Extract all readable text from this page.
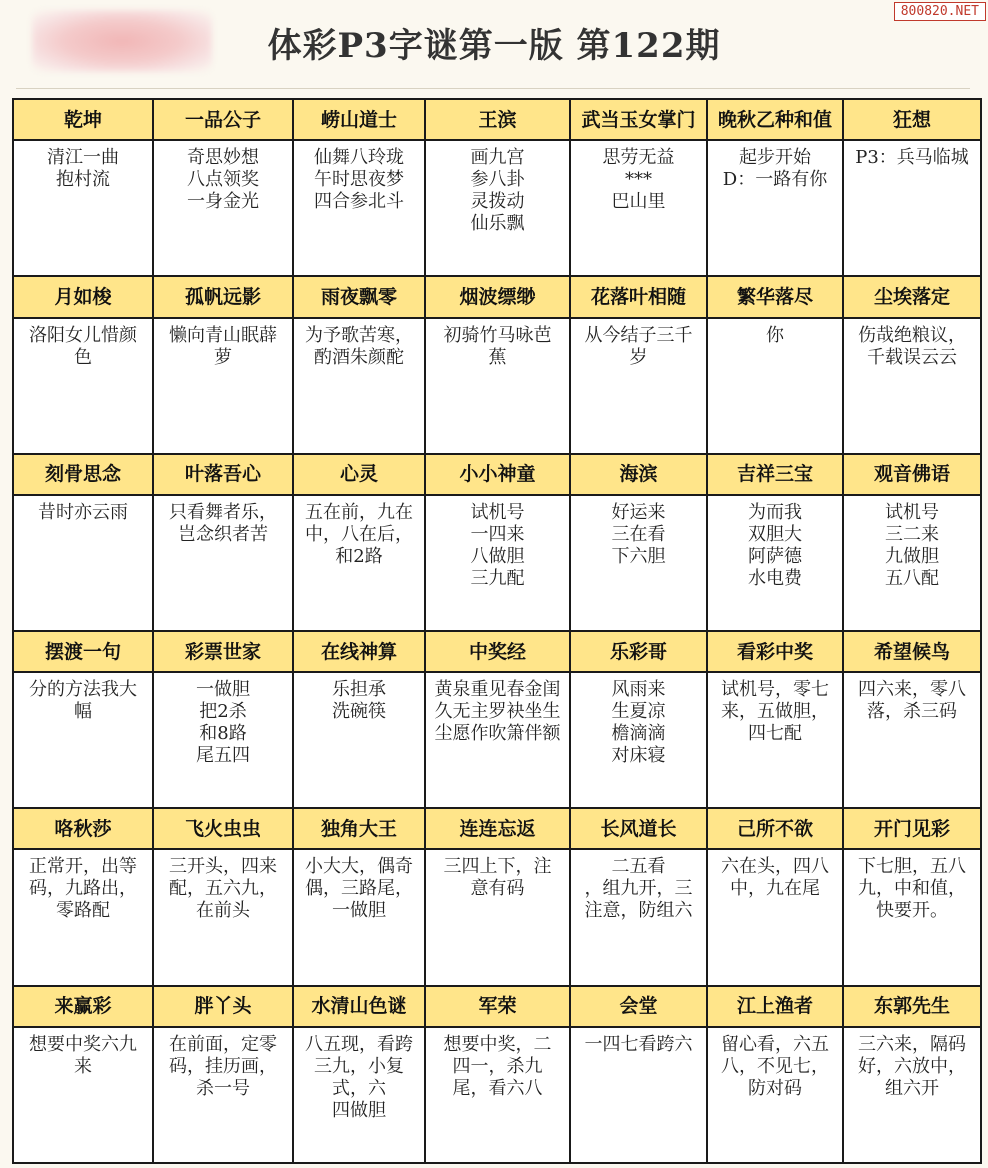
体彩P3字谜第一版 第122期
800820.NET
乾坤	一品公子	崂山道士	王滨	武当玉女掌门	晚秋乙种和值	狂想

清江一曲
抱村流	奇思妙想
八点领奖
一身金光	仙舞八玲珑
午时思夜梦
四合参北斗	画九宫
参八卦
灵拨动
仙乐飘	思劳无益
***
巴山里	起步开始
D：一路有你	P3：兵马临城

月如梭	孤帆远影	雨夜飘零	烟波缥缈	花落叶相随	繁华落尽	尘埃落定

洛阳女儿惜颜
色	懒向青山眠薜
萝	为予歌苦寒，
酌酒朱颜酡	初骑竹马咏芭
蕉	从今结子三千
岁	你	伤哉绝粮议，
千载误云云

刻骨思念	叶落吾心	心灵	小小神童	海滨	吉祥三宝	观音佛语

昔时亦云雨	只看舞者乐，
岂念织者苦	五在前，九在
中，八在后，
和2路	试机号
一四来
八做胆
三九配	好运来
三在看
下六胆	为而我
双胆大
阿萨德
水电费	试机号
三二来
九做胆
五八配

摆渡一句	彩票世家	在线神算	中奖经	乐彩哥	看彩中奖	希望候鸟

分的方法我大
幅	一做胆
把2杀
和8路
尾五四	乐担承
洗碗筷	黄泉重见春金闺
久无主罗袂坐生
尘愿作吹箫伴额	风雨来
生夏凉
檐滴滴
对床寝	试机号，零七
来，五做胆，
四七配	四六来，零八
落，杀三码

咯秋莎	飞火虫虫	独角大王	连连忘返	长风道长	己所不欲	开门见彩

正常开，出等
码，九路出，
零路配	三开头，四来
配，五六九，
在前头	小大大，偶奇
偶，三路尾，
一做胆	三四上下，注
意有码	二五看
，组九开，三
注意，防组六	六在头，四八
中，九在尾	下七胆，五八
九，中和值，
快要开。

来赢彩	胖丫头	水清山色谜	军荣	会堂	江上渔者	东郭先生

想要中奖六九
来	在前面，定零
码，挂历画，
杀一号	八五现，看跨
三九，小复
式，六
四做胆	想要中奖，二
四一，杀九
尾，看六八	一四七看跨六	留心看，六五
八，不见七，
防对码	三六来，隔码
好，六放中，
组六开
